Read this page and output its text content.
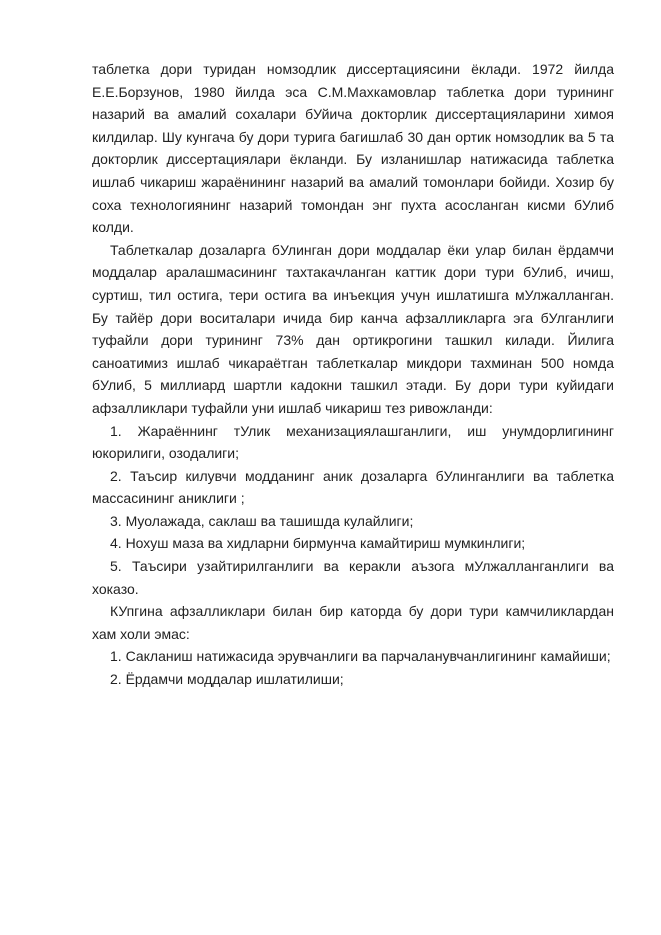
таблетка дори туридан номзодлик диссертациясини ёклади. 1972 йилда Е.Е.Борзунов, 1980 йилда эса С.М.Махкамовлар таблетка дори турининг назарий ва амалий сохалари бУйича докторлик диссертацияларини химоя килдилар. Шу кунгача бу дори турига багишлаб 30 дан ортик номзодлик ва 5 та докторлик диссертациялари ёкланди. Бу изланишлар натижасида таблетка ишлаб чикариш жараёнининг назарий ва амалий томонлари бойиди. Хозир бу соха технологиянинг назарий томондан энг пухта асосланган кисми бУлиб колди.

Таблеткалар дозаларга бУлинган дори моддалар ёки улар билан ёрдамчи моддалар аралашмасининг тахтакачланган каттик дори тури бУлиб, ичиш, суртиш, тил остига, тери остига ва инъекция учун ишлатишга мУлжалланган. Бу тайёр дори воситалари ичида бир канча афзалликларга эга бУлганлиги туфайли дори турининг 73% дан ортикрогини ташкил килади. Йилига саноатимиз ишлаб чикараётган таблеткалар микдори тахминан 500 номда бУлиб, 5 миллиард шартли кадокни ташкил этади. Бу дори тури куйидаги афзалликлари туфайли уни ишлаб чикариш тез ривожланди:

1. Жараённинг тУлик механизациялашганлиги, иш унумдорлигининг юкорилиги, озодалиги;

2. Таъсир килувчи модданинг аник дозаларга бУлинганлиги ва таблетка массасининг аниклиги ;

3. Муолажада, саклаш ва ташишда кулайлиги;

4. Нохуш маза ва хидларни бирмунча камайтириш мумкинлиги;

5. Таъсири узайтирилганлиги ва керакли аъзога мУлжалланганлиги ва хоказо.

КУпгина афзалликлари билан бир каторда бу дори тури камчиликлардан хам холи эмас:

1. Сакланиш натижасида эрувчанлиги ва парчаланувчанлигининг камайиши;

2. Ёрдамчи моддалар ишлатилиши;
